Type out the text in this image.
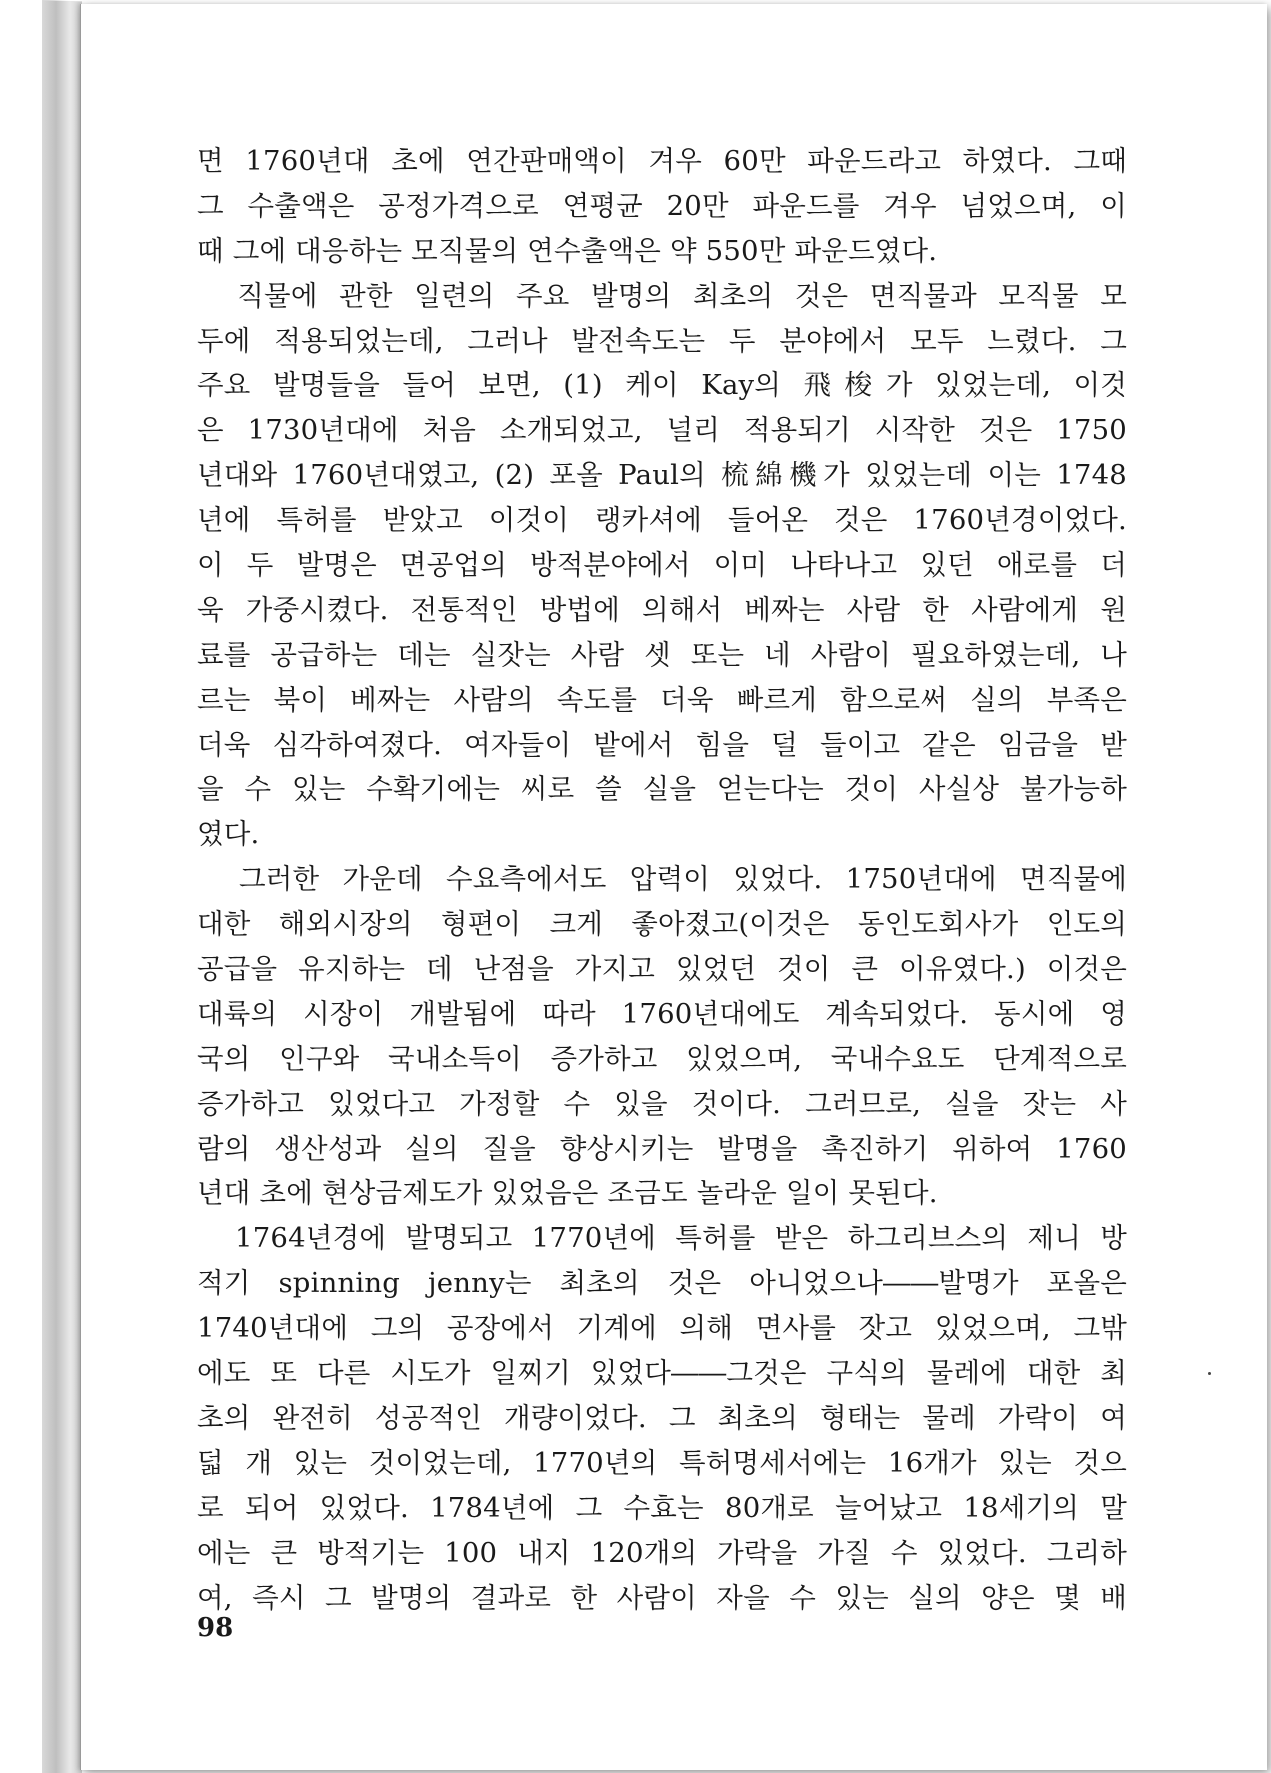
면 1760년대 초에 연간판매액이 겨우 60만 파운드라고 하였다. 그때
그 수출액은 공정가격으로 연평균 20만 파운드를 겨우 넘었으며, 이
때 그에 대응하는 모직물의 연수출액은 약 550만 파운드였다.
　직물에 관한 일련의 주요 발명의 최초의 것은 면직물과 모직물 모
두에 적용되었는데, 그러나 발전속도는 두 분야에서 모두 느렸다. 그
주요 발명들을 들어 보면, (1) 케이 Kay의 飛梭가 있었는데, 이것
은 1730년대에 처음 소개되었고, 널리 적용되기 시작한 것은 1750
년대와 1760년대였고, (2) 포올 Paul의 梳綿機가 있었는데 이는 1748
년에 특허를 받았고 이것이 랭카셔에 들어온 것은 1760년경이었다.
이 두 발명은 면공업의 방적분야에서 이미 나타나고 있던 애로를 더
욱 가중시켰다. 전통적인 방법에 의해서 베짜는 사람 한 사람에게 원
료를 공급하는 데는 실잣는 사람 셋 또는 네 사람이 필요하였는데, 나
르는 북이 베짜는 사람의 속도를 더욱 빠르게 함으로써 실의 부족은
더욱 심각하여졌다. 여자들이 밭에서 힘을 덜 들이고 같은 임금을 받
을 수 있는 수확기에는 씨로 쓸 실을 얻는다는 것이 사실상 불가능하
였다.
　그러한 가운데 수요측에서도 압력이 있었다. 1750년대에 면직물에
대한 해외시장의 형편이 크게 좋아졌고(이것은 동인도회사가 인도의
공급을 유지하는 데 난점을 가지고 있었던 것이 큰 이유였다.) 이것은
대륙의 시장이 개발됨에 따라 1760년대에도 계속되었다. 동시에 영
국의 인구와 국내소득이 증가하고 있었으며, 국내수요도 단계적으로
증가하고 있었다고 가정할 수 있을 것이다. 그러므로, 실을 잣는 사
람의 생산성과 실의 질을 향상시키는 발명을 촉진하기 위하여 1760
년대 초에 현상금제도가 있었음은 조금도 놀라운 일이 못된다.
　1764년경에 발명되고 1770년에 특허를 받은 하그리브스의 제니 방
적기 spinning jenny는 최초의 것은 아니었으나――발명가 포올은
1740년대에 그의 공장에서 기계에 의해 면사를 잣고 있었으며, 그밖
에도 또 다른 시도가 일찌기 있었다――그것은 구식의 물레에 대한 최
초의 완전히 성공적인 개량이었다. 그 최초의 형태는 물레 가락이 여
덟 개 있는 것이었는데, 1770년의 특허명세서에는 16개가 있는 것으
로 되어 있었다. 1784년에 그 수효는 80개로 늘어났고 18세기의 말
에는 큰 방적기는 100 내지 120개의 가락을 가질 수 있었다. 그리하
여, 즉시 그 발명의 결과로 한 사람이 자을 수 있는 실의 양은 몇 배
98
